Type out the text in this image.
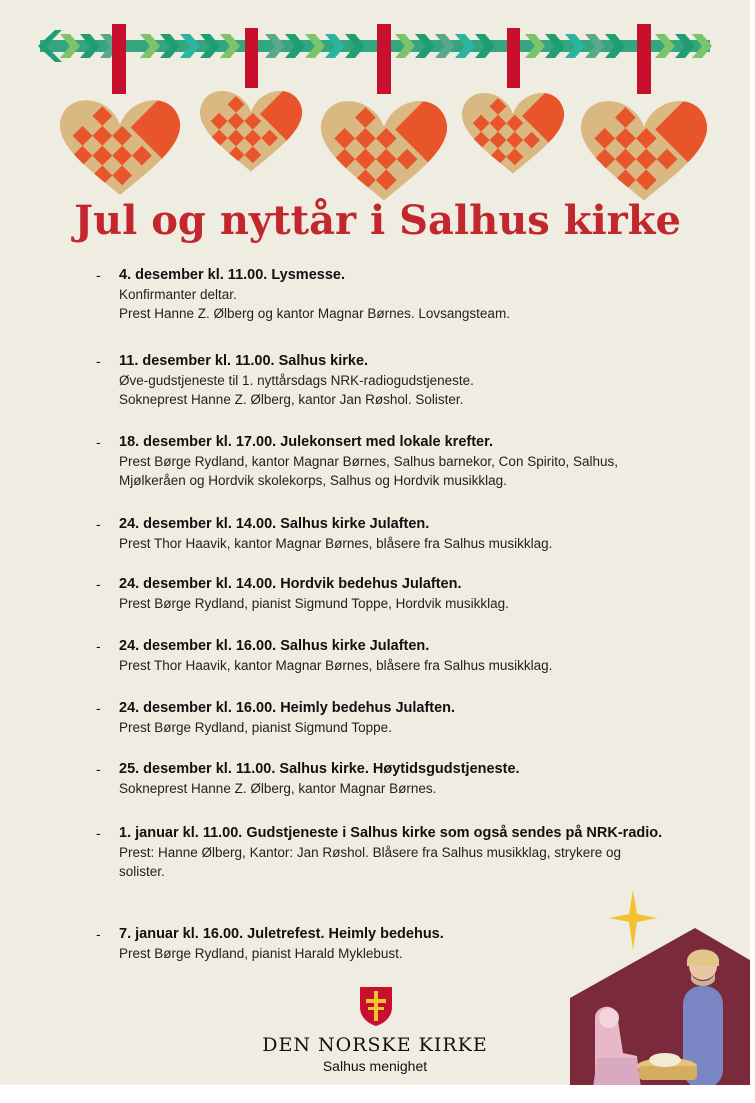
Jul og nyttår i Salhus kirke
- 4. desember kl. 11.00. Lysmesse.
Konfirmanter deltar.
Prest Hanne Z. Ølberg og kantor Magnar Børnes. Lovsangsteam.
- 11. desember kl. 11.00. Salhus kirke.
Øve-gudstjeneste til 1. nyttårsdags NRK-radiogudstjeneste.
Sokneprest Hanne Z. Ølberg, kantor Jan Røshol. Solister.
- 18. desember kl. 17.00. Julekonsert med lokale krefter.
Prest Børge Rydland, kantor Magnar Børnes, Salhus barnekor, Con Spirito, Salhus,
Mjølkeråen og Hordvik skolekorps, Salhus og Hordvik musikklag.
- 24. desember kl. 14.00. Salhus kirke Julaften.
Prest Thor Haavik, kantor Magnar Børnes, blåsere fra Salhus musikklag.
- 24. desember kl. 14.00. Hordvik bedehus Julaften.
Prest Børge Rydland, pianist Sigmund Toppe, Hordvik musikklag.
- 24. desember kl. 16.00. Salhus kirke Julaften.
Prest Thor Haavik, kantor Magnar Børnes, blåsere fra Salhus musikklag.
- 24. desember kl. 16.00. Heimly bedehus Julaften.
Prest Børge Rydland, pianist Sigmund Toppe.
- 25. desember kl. 11.00. Salhus kirke. Høytidsgudstjeneste.
Sokneprest Hanne Z. Ølberg, kantor Magnar Børnes.
- 1. januar kl. 11.00. Gudstjeneste i Salhus kirke som også sendes på NRK-radio.
Prest: Hanne Ølberg, Kantor: Jan Røshol. Blåsere fra Salhus musikklag, strykere og
solister.
- 7. januar kl. 16.00. Juletrefest. Heimly bedehus.
Prest Børge Rydland, pianist Harald Myklebust.
DEN NORSKE KIRKE
Salhus menighet
